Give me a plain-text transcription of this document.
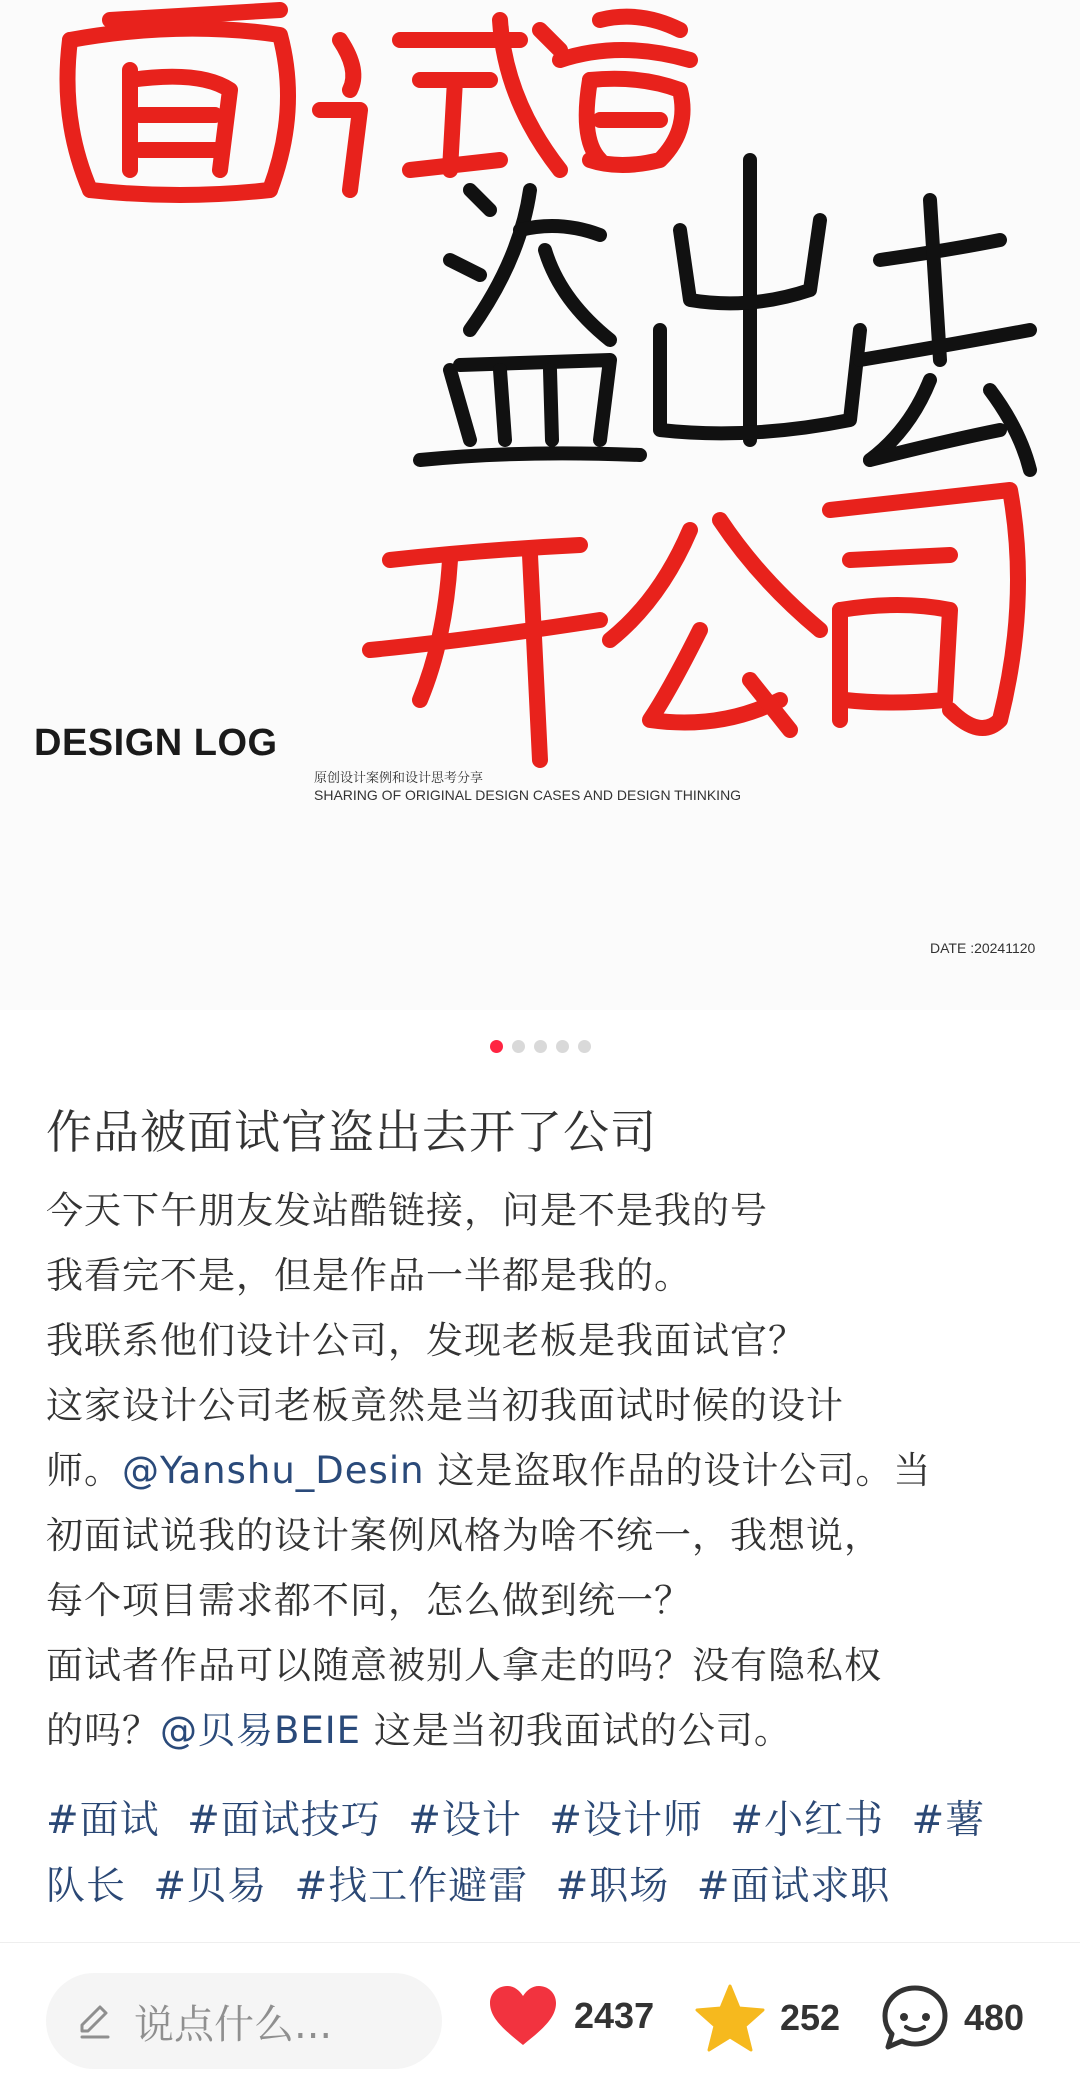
DESIGN LOG
原创设计案例和设计思考分享
SHARING OF ORIGINAL DESIGN CASES AND DESIGN THINKING
DATE :20241120
作品被面试官盗出去开了公司
今天下午朋友发站酷链接，问是不是我的号
我看完不是，但是作品一半都是我的。
我联系他们设计公司，发现老板是我面试官？
这家设计公司老板竟然是当初我面试时候的设计
师。@Yanshu_Desin 这是盗取作品的设计公司。当
初面试说我的设计案例风格为啥不统一，我想说，
每个项目需求都不同，怎么做到统一？
面试者作品可以随意被别人拿走的吗？没有隐私权
的吗？@贝易BEIE 这是当初我面试的公司。
#面试 #面试技巧 #设计 #设计师 #小红书 #薯
队长 #贝易 #找工作避雷 #职场 #面试求职
说点什么...	2437	252	480
